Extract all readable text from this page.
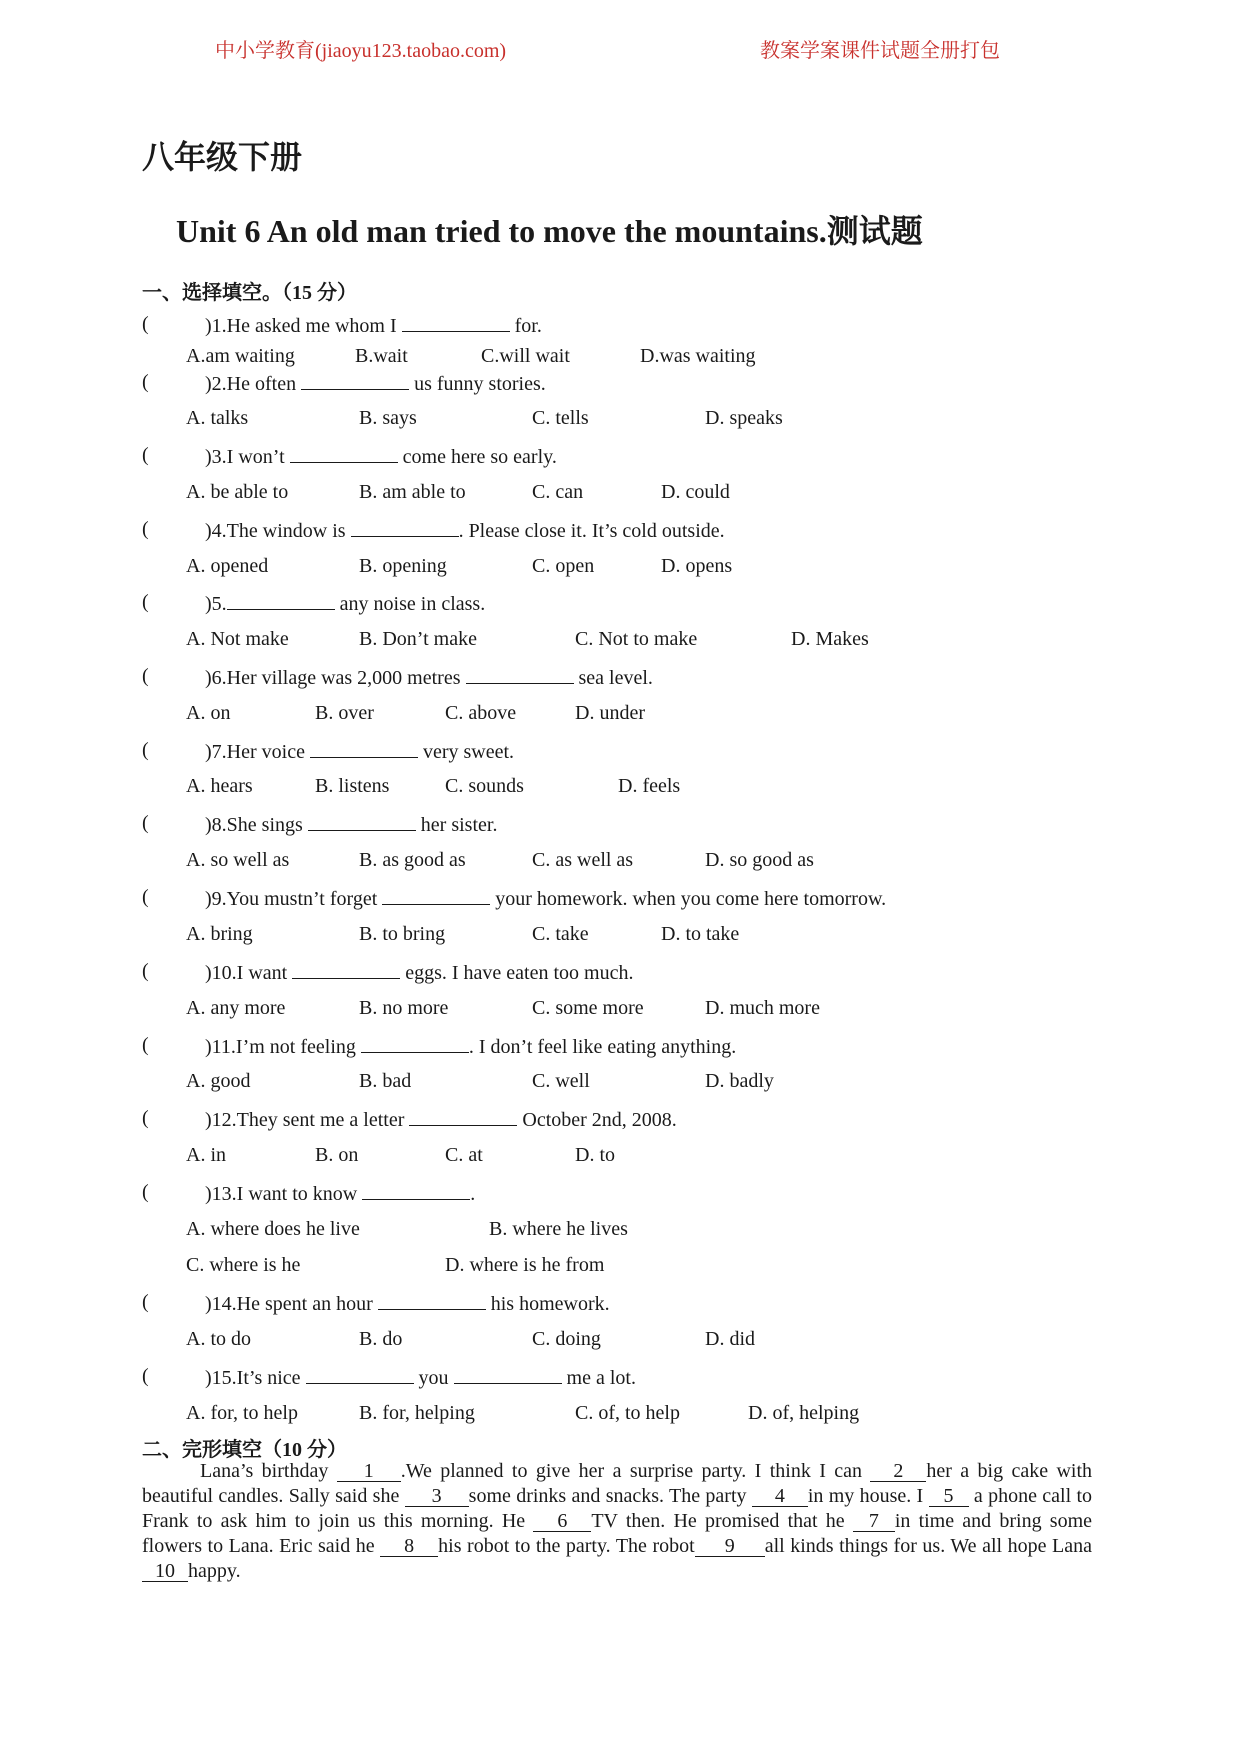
中小学教育(jiaoyu123.taobao.com)	教案学案课件试题全册打包
八年级下册
Unit 6 An old man tried to move the mountains.测试题
一、选择填空。（15 分）
(	)1.He asked me whom I	for.
A.am waiting	B.wait	C.will wait	D.was waiting
(	)2.He often	us funny stories.
A. talks	B. says	C. tells	D. speaks
(	)3.I won’t	come here so early.
A. be able to	B. am able to	C. can	D. could
(	)4.The window is	. Please close it. It’s cold outside.
A. opened	B. opening	C. open	D. opens
(	)5.	any noise in class.
A. Not make	B. Don’t make	C. Not to make	D. Makes
(	)6.Her village was 2,000 metres	sea level.
A. on	B. over	C. above	D. under
(	)7.Her voice	very sweet.
A. hears	B. listens	C. sounds	D. feels
(	)8.She sings	her sister.
A. so well as	B. as good as	C. as well as	D. so good as
(	)9.You mustn’t forget	your homework. when you come here tomorrow.
A. bring	B. to bring	C. take	D. to take
(	)10.I want	eggs. I have eaten too much.
A. any more	B. no more	C. some more	D. much more
(	)11.I’m not feeling	. I don’t feel like eating anything.
A. good	B. bad	C. well	D. badly
(	)12.They sent me a letter	October 2nd, 2008.
A. in	B. on	C. at	D. to
(	)13.I want to know	.
A. where does he live	B. where he lives
C. where is he	D. where is he from
(	)14.He spent an hour	his homework.
A. to do	B. do	C. doing	D. did
(	)15.It’s nice	you	me a lot.
A. for, to help	B. for, helping	C. of, to help	D. of, helping
二、完形填空（10 分）
Lana’s birthday 1 .We planned to give her a surprise party. I think I can 2 her a big cake with beautiful candles. Sally said she 3 some drinks and snacks. The party 4 in my house. I 5 a phone call to Frank to ask him to join us this morning. He 6 TV then. He promised that he 7 in time and bring some flowers to Lana. Eric said he 8 his robot to the party. The robot 9 all kinds things for us. We all hope Lana10 happy.
